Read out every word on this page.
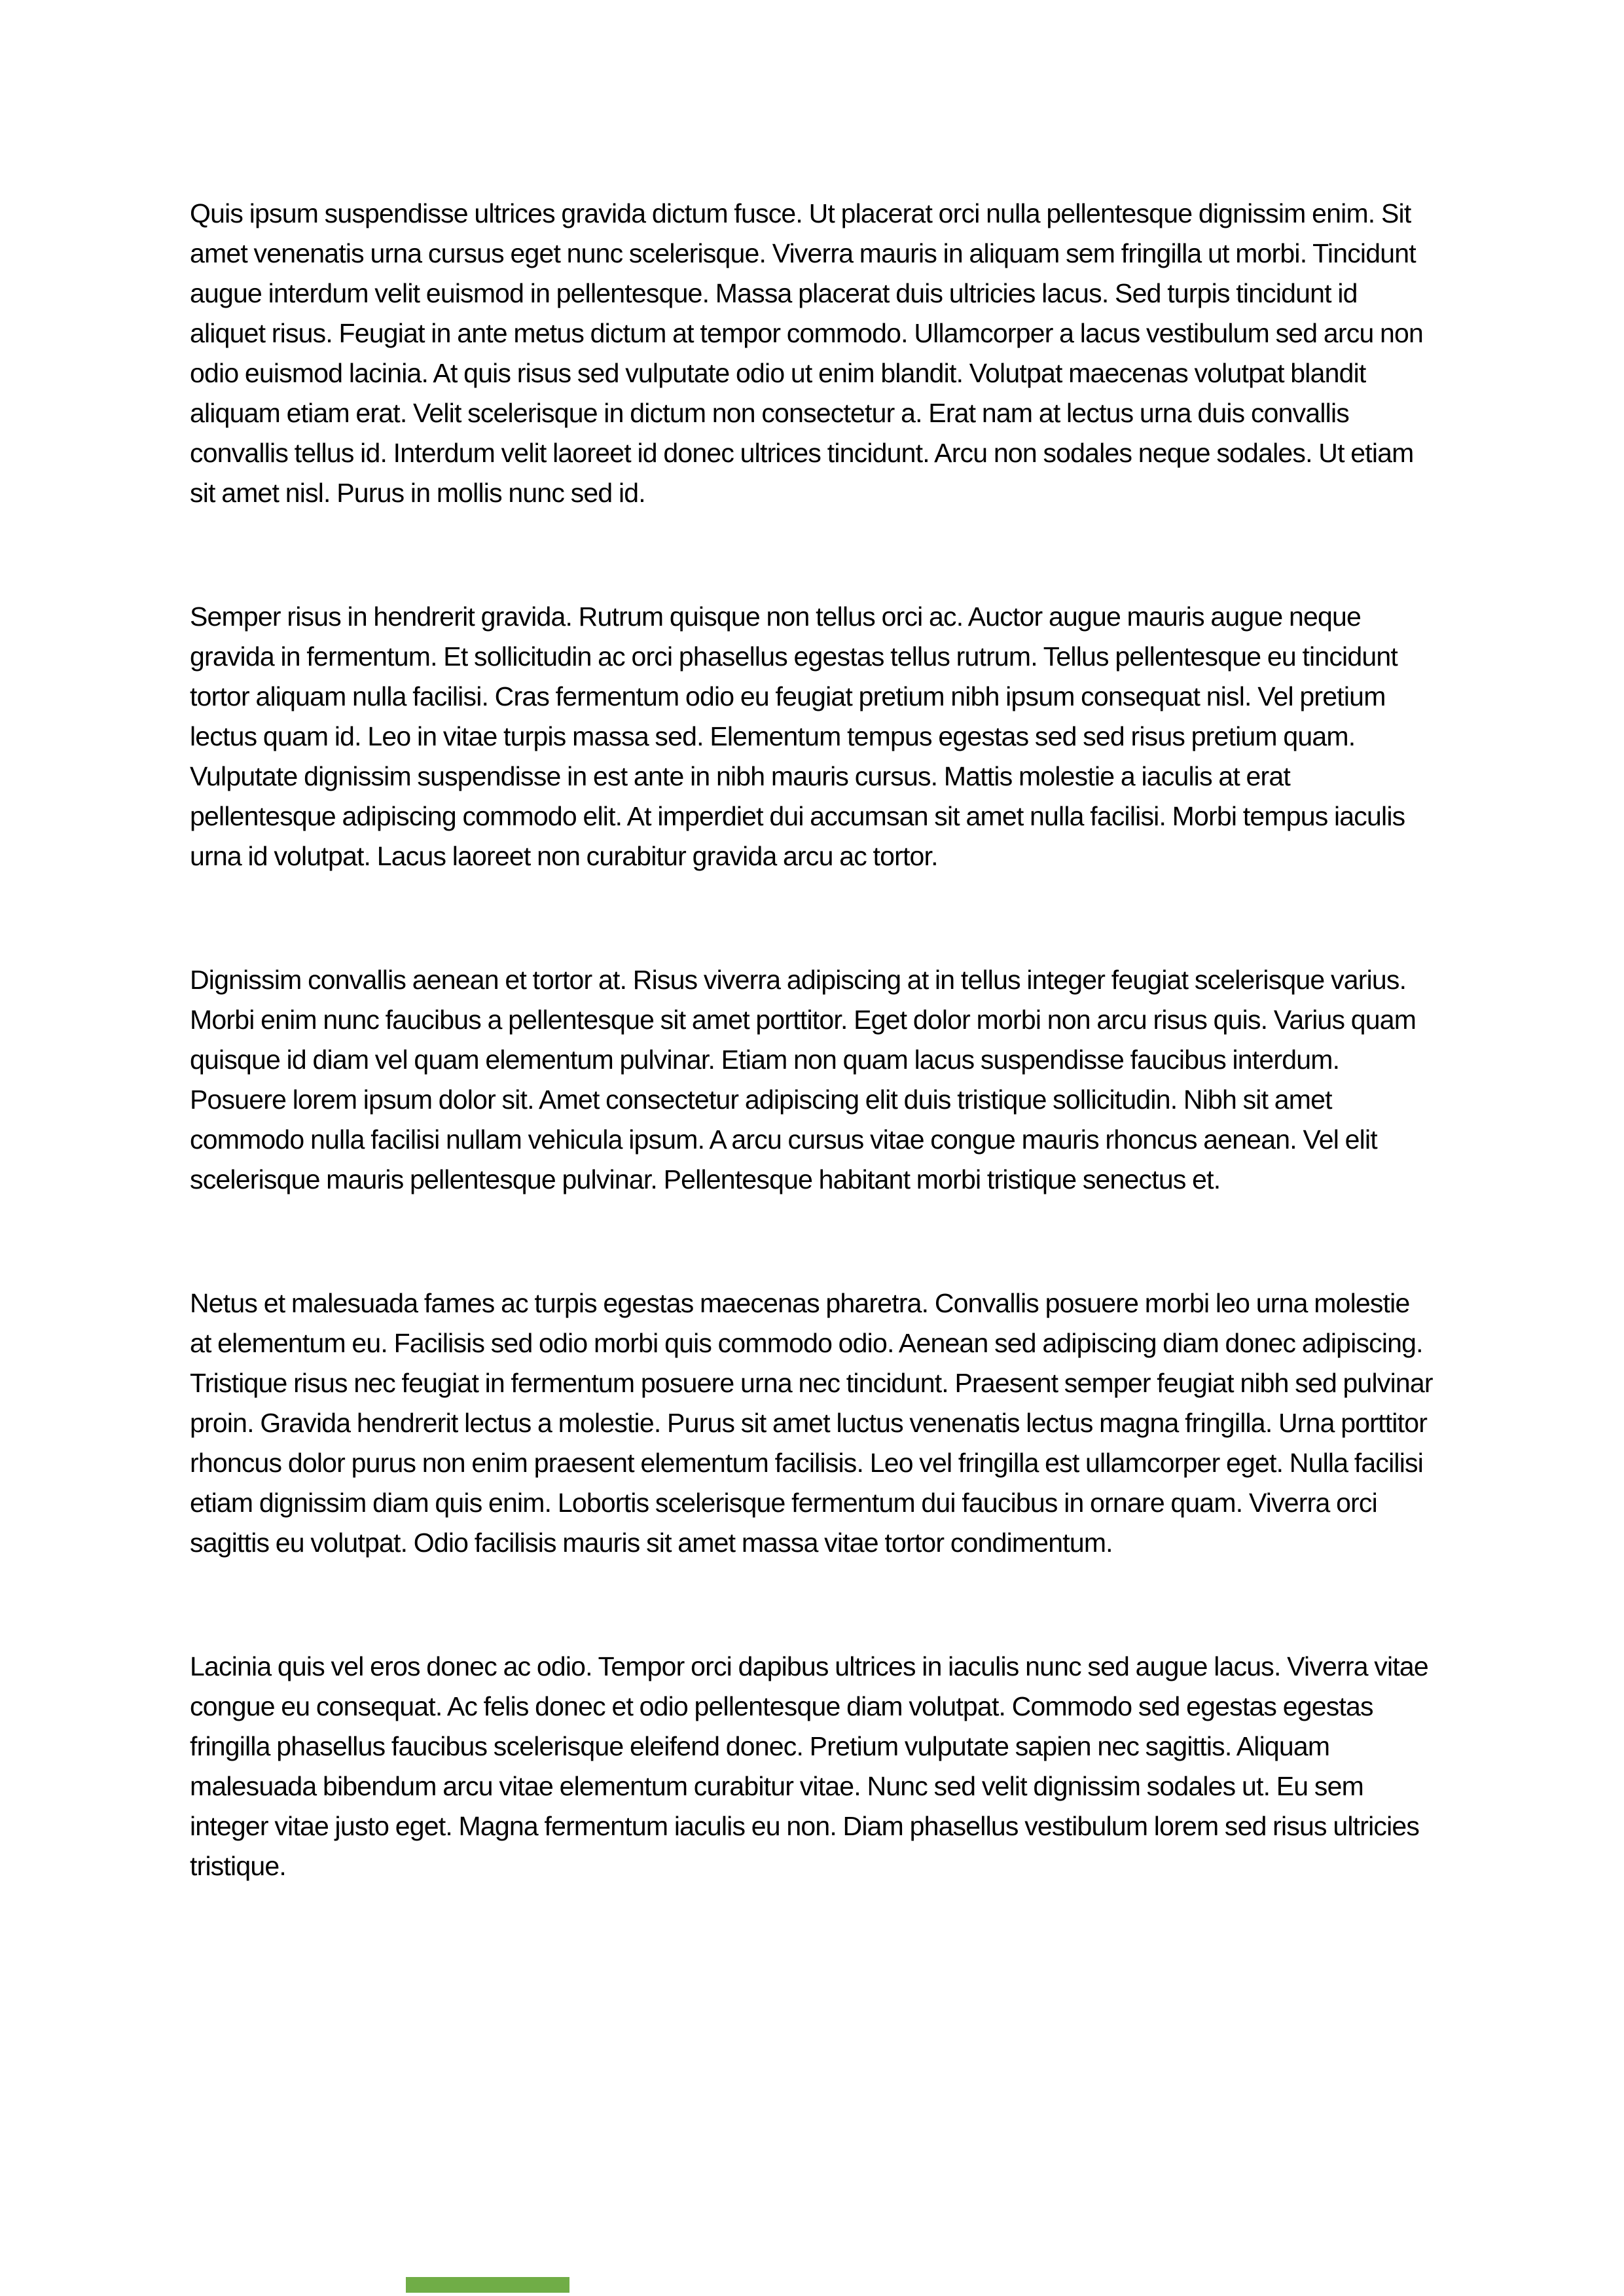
Quis ipsum suspendisse ultrices gravida dictum fusce. Ut placerat orci nulla pellentesque dignissim enim. Sit amet venenatis urna cursus eget nunc scelerisque. Viverra mauris in aliquam sem fringilla ut morbi. Tincidunt augue interdum velit euismod in pellentesque. Massa placerat duis ultricies lacus. Sed turpis tincidunt id aliquet risus. Feugiat in ante metus dictum at tempor commodo. Ullamcorper a lacus vestibulum sed arcu non odio euismod lacinia. At quis risus sed vulputate odio ut enim blandit. Volutpat maecenas volutpat blandit aliquam etiam erat. Velit scelerisque in dictum non consectetur a. Erat nam at lectus urna duis convallis convallis tellus id. Interdum velit laoreet id donec ultrices tincidunt. Arcu non sodales neque sodales. Ut etiam sit amet nisl. Purus in mollis nunc sed id.

Semper risus in hendrerit gravida. Rutrum quisque non tellus orci ac. Auctor augue mauris augue neque gravida in fermentum. Et sollicitudin ac orci phasellus egestas tellus rutrum. Tellus pellentesque eu tincidunt tortor aliquam nulla facilisi. Cras fermentum odio eu feugiat pretium nibh ipsum consequat nisl. Vel pretium lectus quam id. Leo in vitae turpis massa sed. Elementum tempus egestas sed sed risus pretium quam. Vulputate dignissim suspendisse in est ante in nibh mauris cursus. Mattis molestie a iaculis at erat pellentesque adipiscing commodo elit. At imperdiet dui accumsan sit amet nulla facilisi. Morbi tempus iaculis urna id volutpat. Lacus laoreet non curabitur gravida arcu ac tortor.

Dignissim convallis aenean et tortor at. Risus viverra adipiscing at in tellus integer feugiat scelerisque varius. Morbi enim nunc faucibus a pellentesque sit amet porttitor. Eget dolor morbi non arcu risus quis. Varius quam quisque id diam vel quam elementum pulvinar. Etiam non quam lacus suspendisse faucibus interdum. Posuere lorem ipsum dolor sit. Amet consectetur adipiscing elit duis tristique sollicitudin. Nibh sit amet commodo nulla facilisi nullam vehicula ipsum. A arcu cursus vitae congue mauris rhoncus aenean. Vel elit scelerisque mauris pellentesque pulvinar. Pellentesque habitant morbi tristique senectus et.

Netus et malesuada fames ac turpis egestas maecenas pharetra. Convallis posuere morbi leo urna molestie at elementum eu. Facilisis sed odio morbi quis commodo odio. Aenean sed adipiscing diam donec adipiscing. Tristique risus nec feugiat in fermentum posuere urna nec tincidunt. Praesent semper feugiat nibh sed pulvinar proin. Gravida hendrerit lectus a molestie. Purus sit amet luctus venenatis lectus magna fringilla. Urna porttitor rhoncus dolor purus non enim praesent elementum facilisis. Leo vel fringilla est ullamcorper eget. Nulla facilisi etiam dignissim diam quis enim. Lobortis scelerisque fermentum dui faucibus in ornare quam. Viverra orci sagittis eu volutpat. Odio facilisis mauris sit amet massa vitae tortor condimentum.

Lacinia quis vel eros donec ac odio. Tempor orci dapibus ultrices in iaculis nunc sed augue lacus. Viverra vitae congue eu consequat. Ac felis donec et odio pellentesque diam volutpat. Commodo sed egestas egestas fringilla phasellus faucibus scelerisque eleifend donec. Pretium vulputate sapien nec sagittis. Aliquam malesuada bibendum arcu vitae elementum curabitur vitae. Nunc sed velit dignissim sodales ut. Eu sem integer vitae justo eget. Magna fermentum iaculis eu non. Diam phasellus vestibulum lorem sed risus ultricies tristique.
